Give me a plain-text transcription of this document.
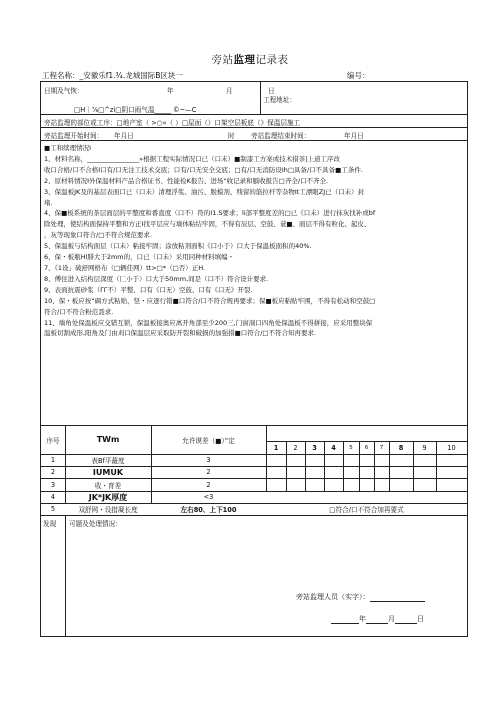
旁站监理记录表
工程名称：_安徽乐f1.¾.龙城国际B区块一	编号：
日期及气恢：	年	月	日
□H｜⅞□^zi□阴口雨气温_____ ©~—C
工程地址：
旁站监理的部位或工序：□地产室（ >○«（ ）□屋面（）口架空层板底（》保温层施工
旁站监理开始时间： 年月日	时 旁站监理结束时间：	年月日

■工和续理情况I

1、材料名称，________________»根据工程实际情况口已（口未）■制漆工方案或技术措茶|上道工序改

收口合格/口不合格I口有/口无注工技术交底；口有/口无安全交底；□有/口无消防设Ih□具备/口不具备■工条件.

2、原材料情况I外保温材料产品合格证书、性能检K报告、进场“收记录和膈收报告□齐全/口不齐全.

3、保温板JK及的基层表面口已（口未）清理浮浆、油污、脱模剂、残留的筋拉杆等杂物It工漂眼ZJ已（口未）封

堵.

4、保■板系统的茶层面层的平整度和番直度（口不）符的I1.S要求；li部平整度差的□已《口未）进行抹灰找补或bf

除处理，使结构面保持平整和方正I找平层应与墙体粘结牢固，不得有辰层、空鼓、蓑■、面层不得有粒化、起皮、

，灰等现象口符合/□不符合规范要求.

5、保温板与结构面层（口未）粘接牢固；涂放粘剂面积《口小于）口大于保温板面积的40%.

6、保・板瓶Hl腓大于2mm的，口已（口未）采用同种材料填编・

7、《1设」破舒网格布（□辆佳网）tt>□*（□否）正H.

8、傅住进入结构层深度（匚小于）口大于50mm,间是（口不）符合设计要求.

9、表面抗震砂浆（ΓΓ不）平整、口有《口无）空鼓、口有《口无》开裂.

10、保・板应按“碉方式粘贴，竖・应逐行错■口符合/口不符合规再要求；保■板应粘贴牢围，不得有松动和空鼓□

符合/口不符合粉范聂求.

11、墙角处保温板应交错互锁，保温板接奥应离开角部至少200三,门窗洞口四角处保温板不得拼接，应采用整块保

温板切割成形,阳角及门由刈口保温层应采取防开裂和破损的加强措■口符合/□不符合知再要求.

序号	TWm	允许谟差（■）”定
1	2	3	4	5	6	7	8	9	10
1	表Bf平蕞度	3
2	IUMUK	2
3	收・育差	2
4	JK*JK厚度	<3
5	双舒网・设措凝长度	左右80、上下100	□符合/口不符合加再要式
发现	可题及处理情况：
旁站监理人员（实字）：
年	月	日
